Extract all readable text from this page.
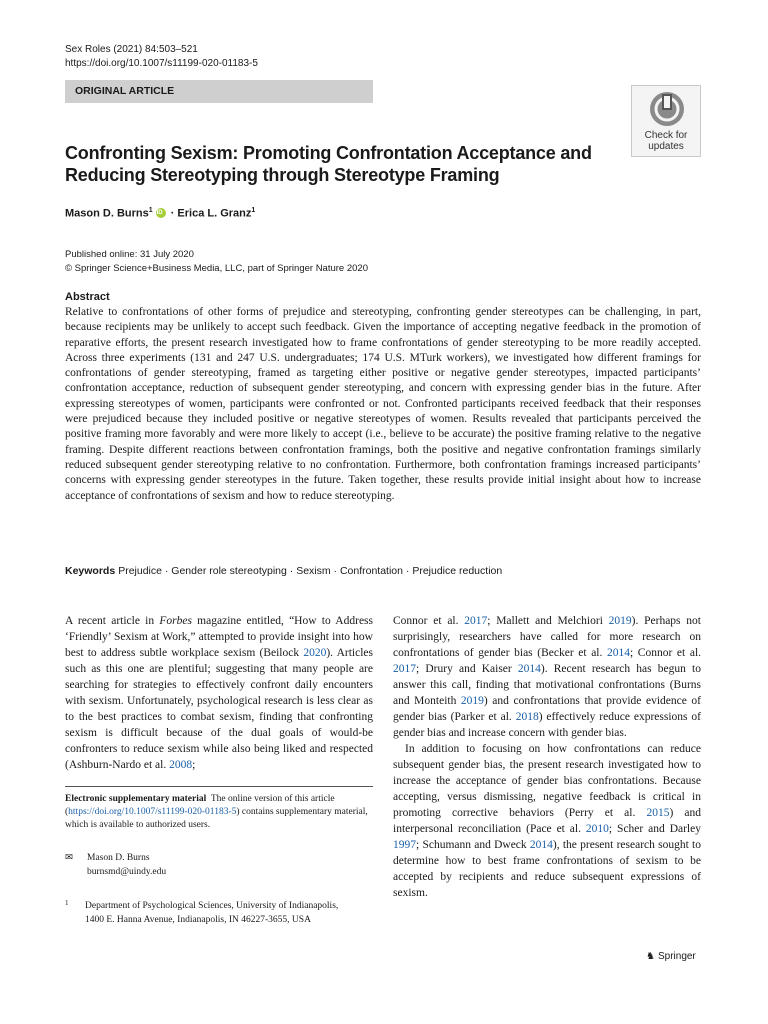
Sex Roles (2021) 84:503–521
https://doi.org/10.1007/s11199-020-01183-5
ORIGINAL ARTICLE
Check for
updates
Confronting Sexism: Promoting Confrontation Acceptance and Reducing Stereotyping through Stereotype Framing
Mason D. Burns$^1$iD · Erica L. Granz$^1$
Published online: 31 July 2020
© Springer Science+Business Media, LLC, part of Springer Nature 2020
Abstract

Relative to confrontations of other forms of prejudice and stereotyping, confronting gender stereotypes can be challenging, in part, because recipients may be unlikely to accept such feedback. Given the importance of accepting negative feedback in the promotion of reparative efforts, the present research investigated how to frame confrontations of gender stereotyping to be more readily accepted. Across three experiments (131 and 247 U.S. undergraduates; 174 U.S. MTurk workers), we investigated how different framings for confrontations of gender stereotyping, framed as targeting either positive or negative gender stereotypes, impacted participants’ confrontation acceptance, reduction of subsequent gender stereotyping, and concern with expressing gender bias in the future. After expressing stereotypes of women, participants were confronted or not. Confronted participants received feedback that their responses were prejudiced because they included positive or negative stereotypes of women. Results revealed that participants perceived the positive framing more favorably and were more likely to accept (i.e., believe to be accurate) the positive framing relative to the negative framing. Despite different reactions between confrontation framings, both the positive and negative confrontation framings similarly reduced subsequent gender stereotyping relative to no confrontation. Furthermore, both confrontation framings increased participants’ concerns with expressing gender stereotypes in the future. Taken together, these results provide initial insight about how to increase acceptance of confrontations of sexism and how to reduce stereotyping.

Keywords Prejudice · Gender role stereotyping · Sexism · Confrontation · Prejudice reduction

A recent article in Forbes magazine entitled, “How to Address ‘Friendly’ Sexism at Work,” attempted to provide insight into how best to address subtle workplace sexism (Beilock 2020). Articles such as this one are plentiful; suggesting that many people are searching for strategies to effectively confront daily encounters with sexism. Unfortunately, psychological research is less clear as to the best practices to combat sexism, finding that confronting sexism is difficult because of the dual goals of would-be confronters to reduce sexism while also being liked and respected (Ashburn-Nardo et al. 2008;

Electronic supplementary material The online version of this article (https://doi.org/10.1007/s11199-020-01183-5) contains supplementary material, which is available to authorized users.
✉ Mason D. Burns
burnsmd@uindy.edu
1	Department of Psychological Sciences, University of Indianapolis,
1400 E. Hanna Avenue, Indianapolis, IN 46227-3655, USA

Connor et al. 2017; Mallett and Melchiori 2019). Perhaps not surprisingly, researchers have called for more research on confrontations of gender bias (Becker et al. 2014; Connor et al. 2017; Drury and Kaiser 2014). Recent research has begun to answer this call, finding that motivational confrontations (Burns and Monteith 2019) and confrontations that provide evidence of gender bias (Parker et al. 2018) effectively reduce expressions of gender bias and increase concern with gender bias.

In addition to focusing on how confrontations can reduce subsequent gender bias, the present research investigated how to increase the acceptance of gender bias confrontations. Because accepting, versus dismissing, negative feedback is critical in promoting corrective behaviors (Perry et al. 2015) and interpersonal reconciliation (Pace et al. 2010; Scher and Darley 1997; Schumann and Dweck 2014), the present research sought to determine how to best frame confrontations of sexism to be accepted by recipients and reduce subsequent expressions of sexism.

♞ Springer
